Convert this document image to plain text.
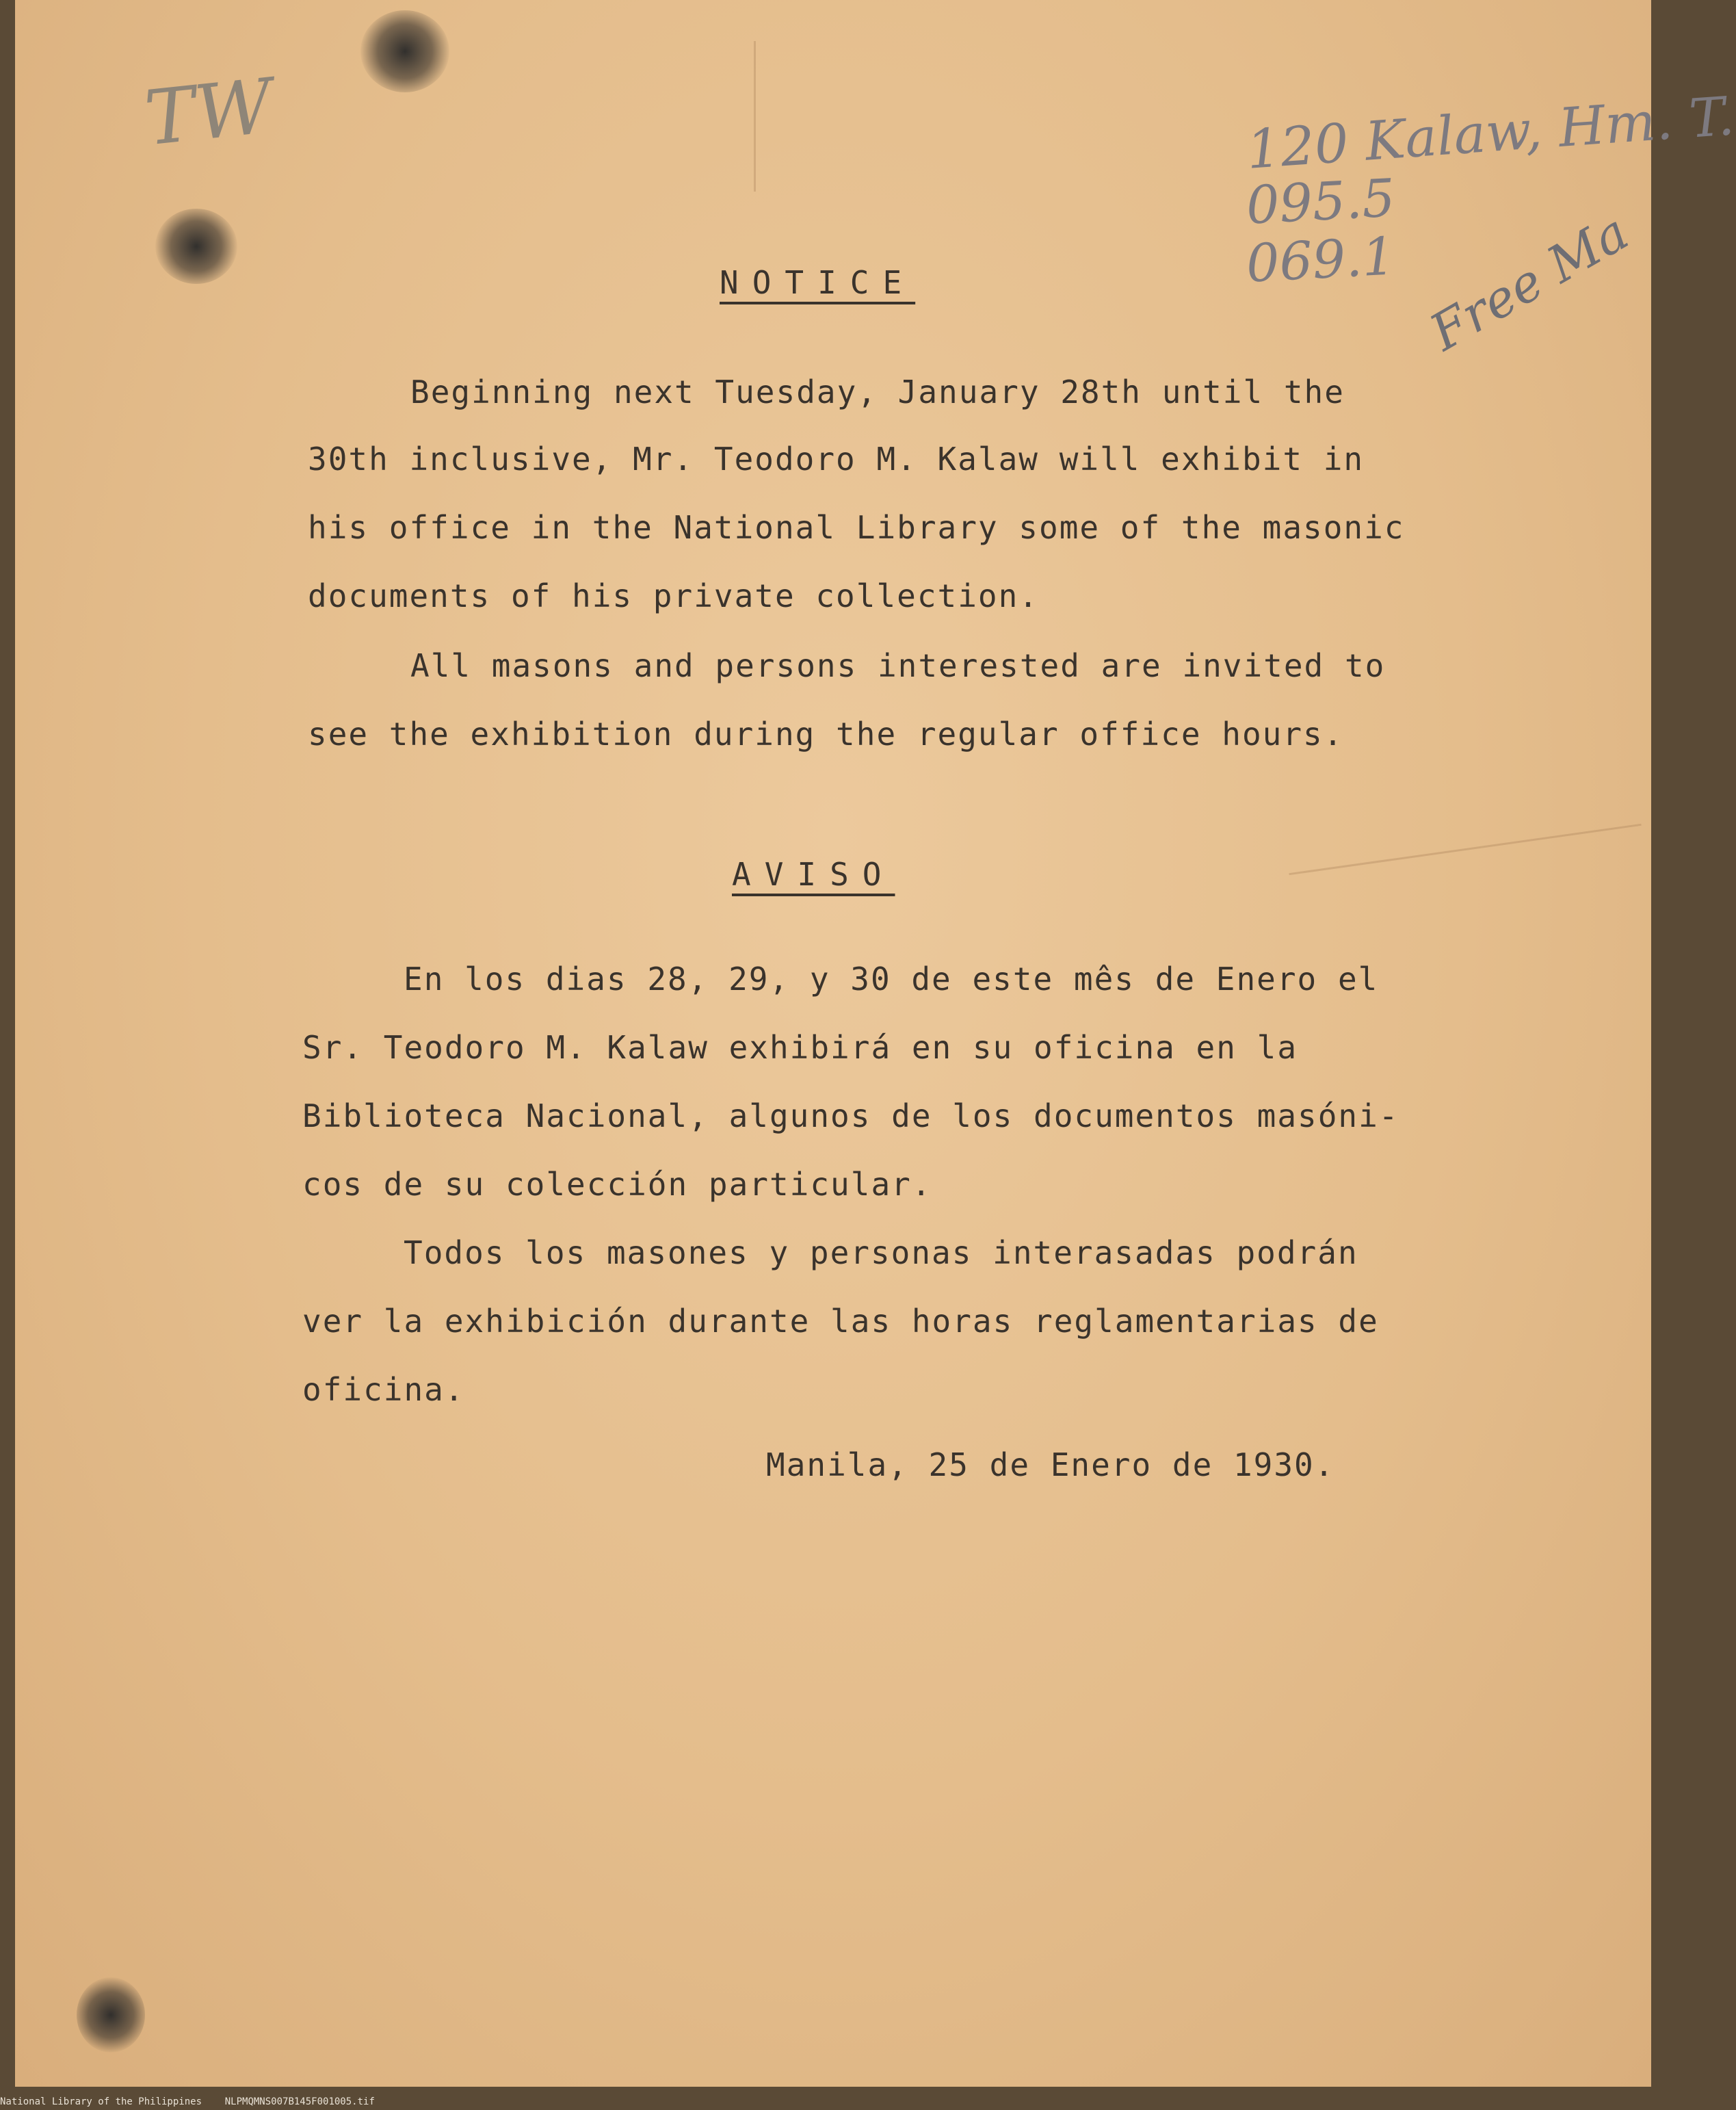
TW	120 Kalaw, Hm. T.
095.5
069.1 Free Ma
NOTICE
Beginning next Tuesday, January 28th until the
30th inclusive, Mr. Teodoro M. Kalaw will exhibit in
his office in the National Library some of the masonic
documents of his private collection.
All masons and persons interested are invited to
see the exhibition during the regular office hours.
AVISO
En los dias 28, 29, y 30 de este mês de Enero el
Sr. Teodoro M. Kalaw exhibirá en su oficina en la
Biblioteca Nacional, algunos de los documentos masóni-
cos de su colección particular.
Todos los masones y personas interasadas podrán
ver la exhibición durante las horas reglamentarias de
oficina.
Manila, 25 de Enero de 1930.
National Library of the Philippines NLPMQMNS007B145F001005.tif
